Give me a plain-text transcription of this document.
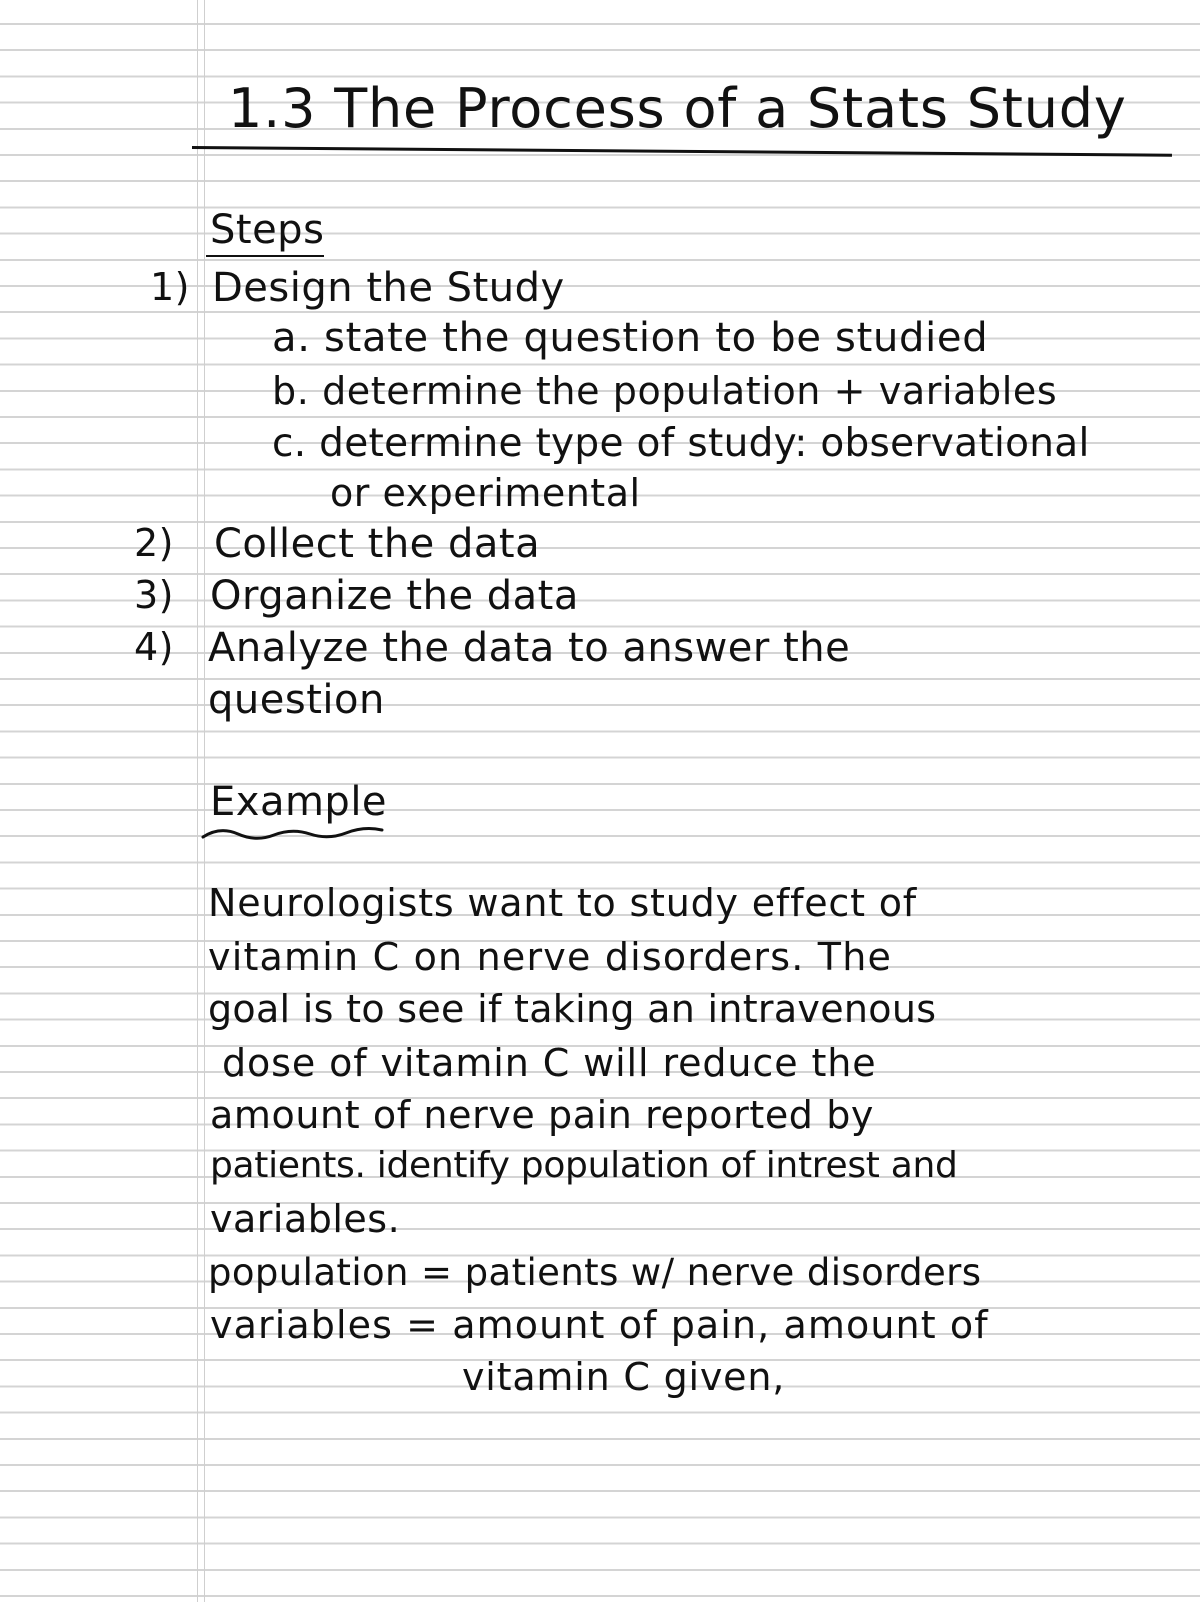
1.3 The Process of a Stats Study
Steps
1) Design the Study
a. state the question to be studied
b. determine the population + variables
c. determine type of study: observational
or experimental
2) Collect the data
3) Organize the data
4) Analyze the data to answer the
question
Example
Neurologists want to study effect of
vitamin C on nerve disorders. The
goal is to see if taking an intravenous
dose of vitamin C will reduce the
amount of nerve pain reported by
patients. identify population of intrest and
variables.
population = patients w/ nerve disorders
variables = amount of pain, amount of
vitamin C given,
